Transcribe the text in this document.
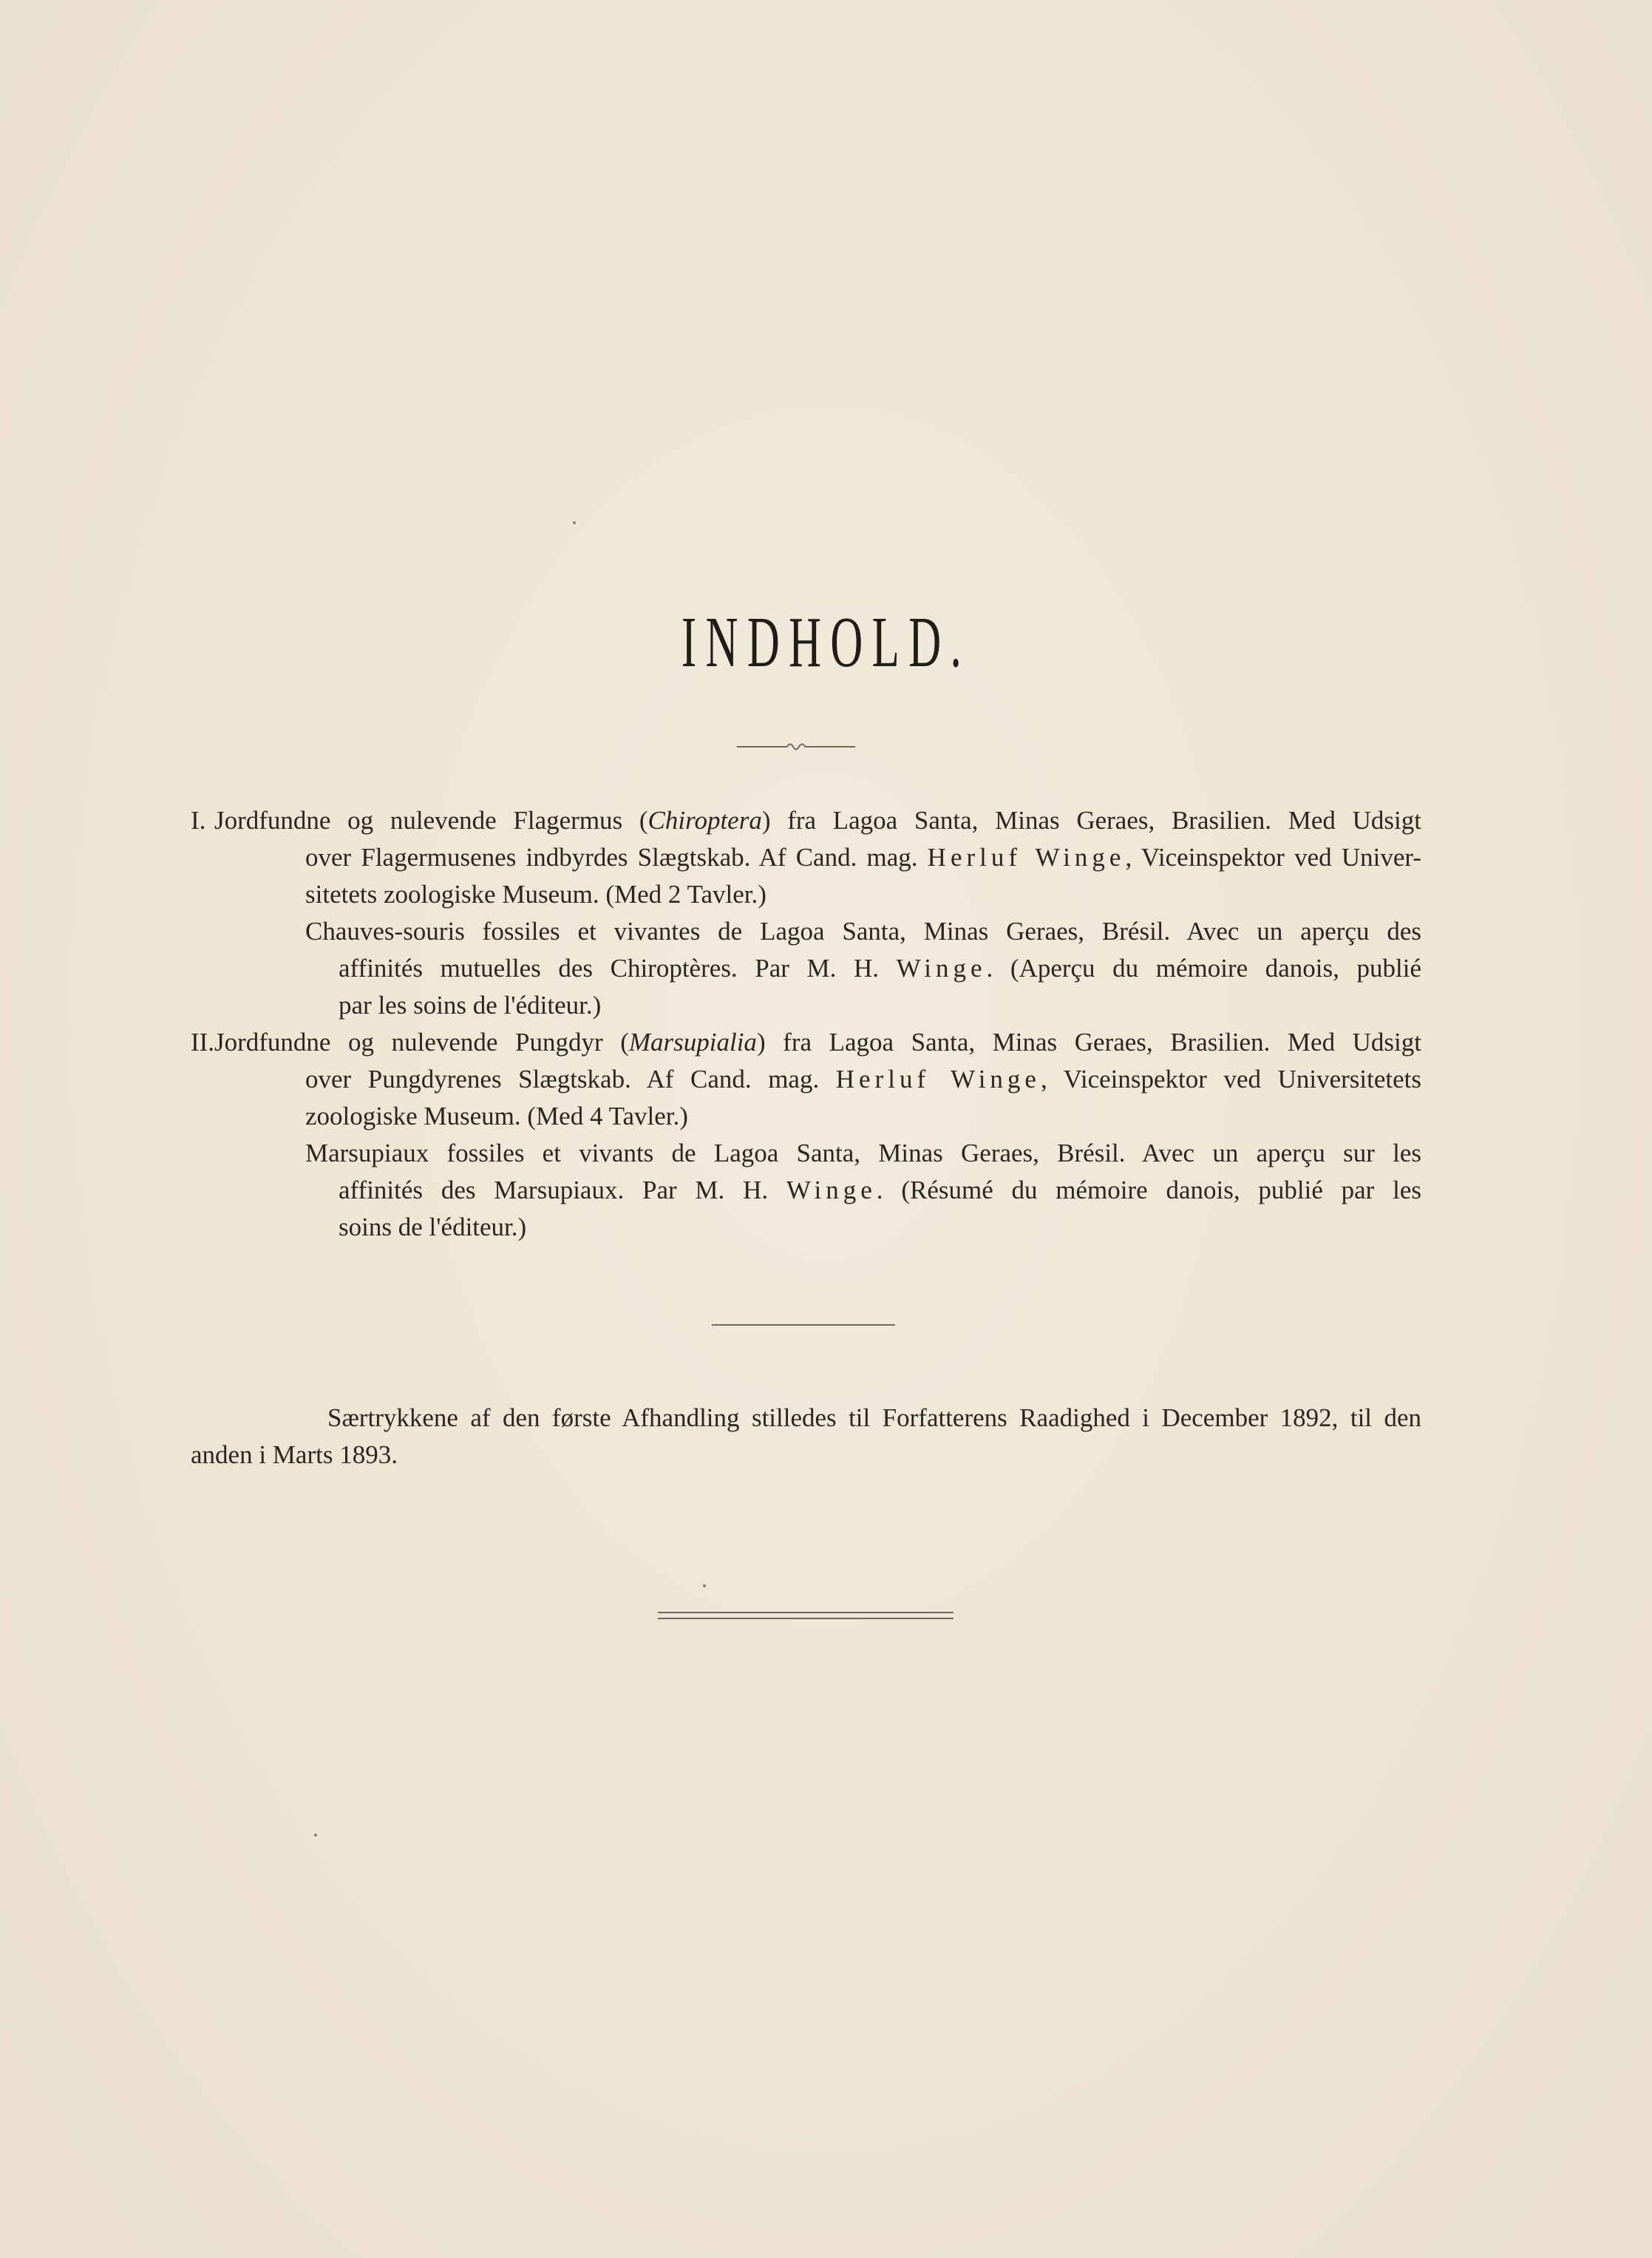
INDHOLD.
I. Jordfundne og nulevende Flagermus (Chiroptera) fra Lagoa Santa, Minas Geraes, Brasilien. Med Udsigt
over Flagermusenes indbyrdes Slægtskab. Af Cand. mag. Herluf Winge, Viceinspektor ved Univer-
sitetets zoologiske Museum. (Med 2 Tavler.)
Chauves-souris fossiles et vivantes de Lagoa Santa, Minas Geraes, Brésil. Avec un aperçu des
affinités mutuelles des Chiroptères. Par M. H. Winge. (Aperçu du mémoire danois, publié
par les soins de l'éditeur.)
II. Jordfundne og nulevende Pungdyr (Marsupialia) fra Lagoa Santa, Minas Geraes, Brasilien. Med Udsigt
over Pungdyrenes Slægtskab. Af Cand. mag. Herluf Winge, Viceinspektor ved Universitetets
zoologiske Museum. (Med 4 Tavler.)
Marsupiaux fossiles et vivants de Lagoa Santa, Minas Geraes, Brésil. Avec un aperçu sur les
affinités des Marsupiaux. Par M. H. Winge. (Résumé du mémoire danois, publié par les
soins de l'éditeur.)
Særtrykkene af den første Afhandling stilledes til Forfatterens Raadighed i December 1892, til den
anden i Marts 1893.
